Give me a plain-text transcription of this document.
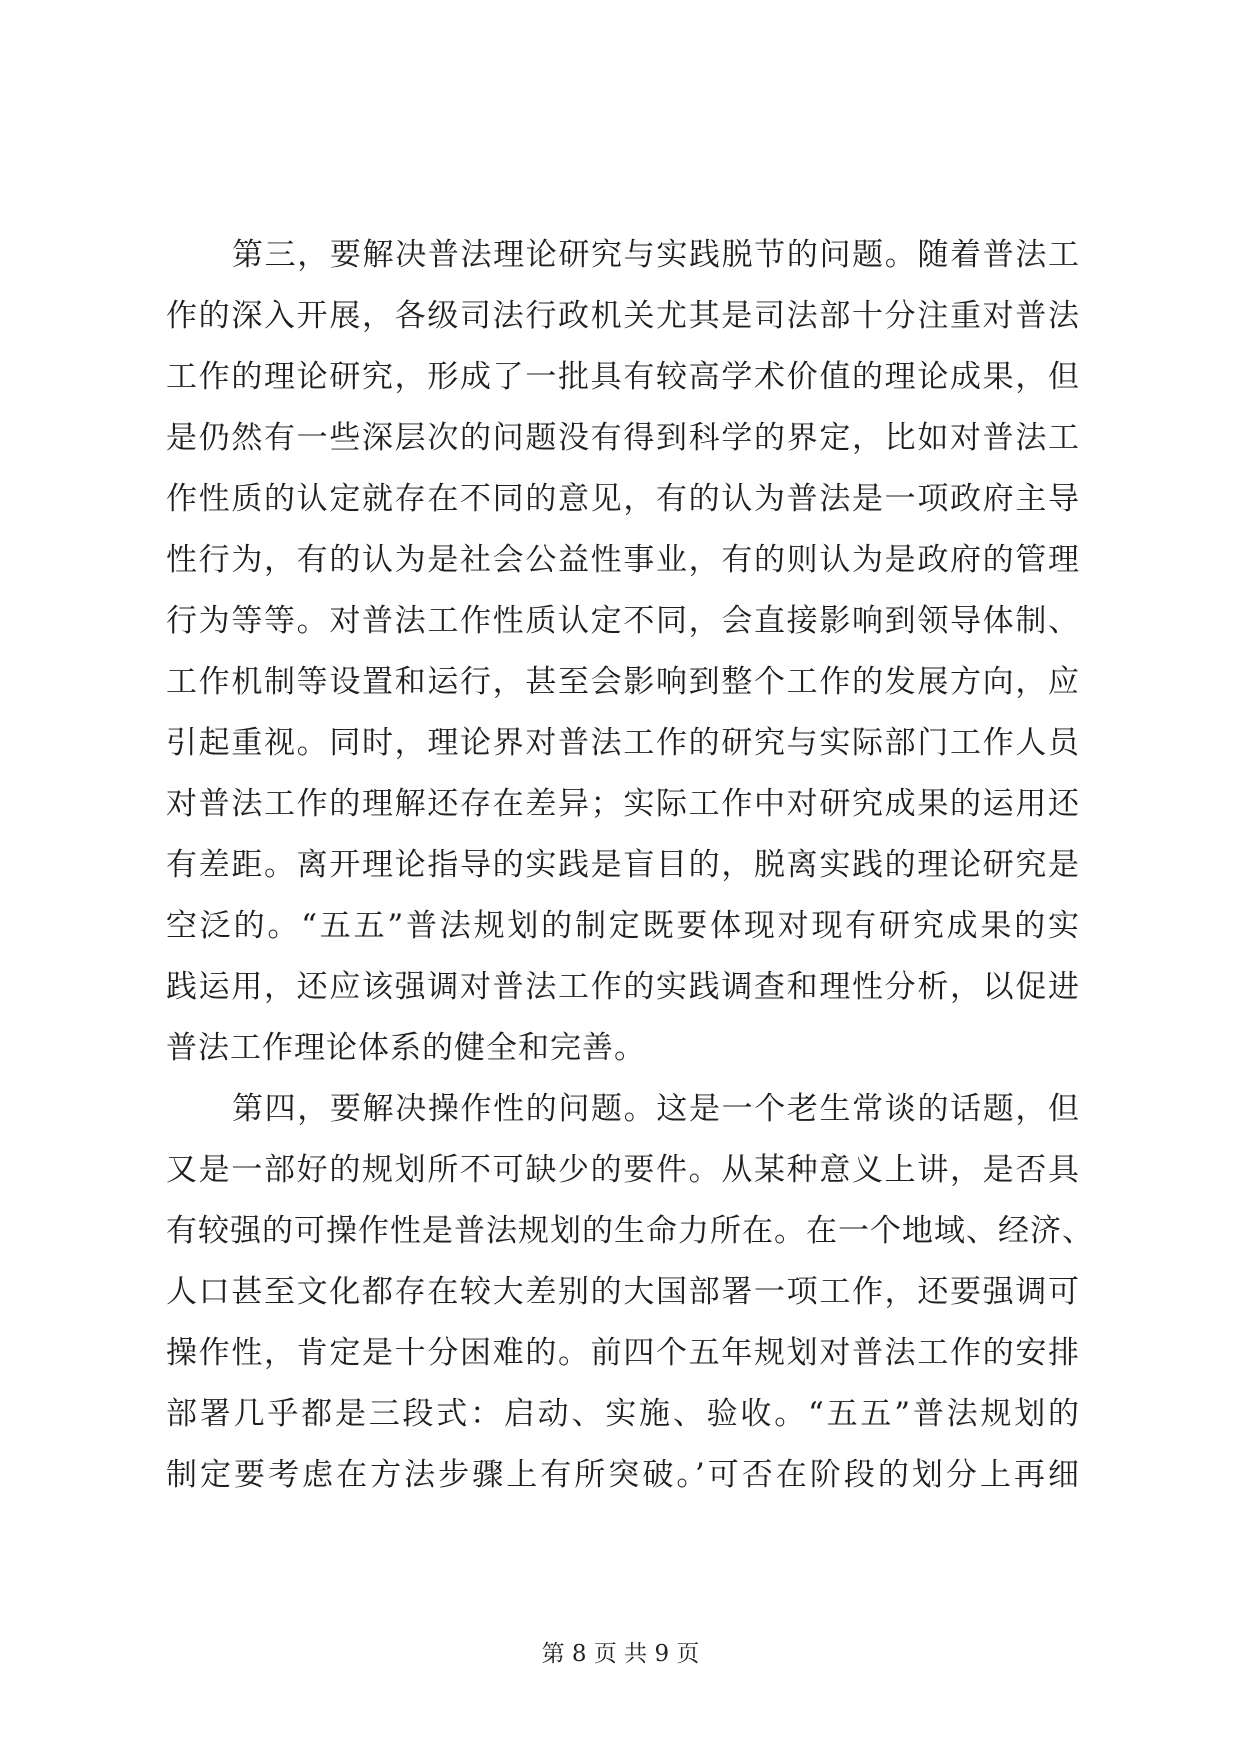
第三，要解决普法理论研究与实践脱节的问题。随着普法工
作的深入开展，各级司法行政机关尤其是司法部十分注重对普法
工作的理论研究，形成了一批具有较高学术价值的理论成果，但
是仍然有一些深层次的问题没有得到科学的界定，比如对普法工
作性质的认定就存在不同的意见，有的认为普法是一项政府主导
性行为，有的认为是社会公益性事业，有的则认为是政府的管理
行为等等。对普法工作性质认定不同，会直接影响到领导体制、
工作机制等设置和运行，甚至会影响到整个工作的发展方向，应
引起重视。同时，理论界对普法工作的研究与实际部门工作人员
对普法工作的理解还存在差异；实际工作中对研究成果的运用还
有差距。离开理论指导的实践是盲目的，脱离实践的理论研究是
空泛的。“五五”普法规划的制定既要体现对现有研究成果的实
践运用，还应该强调对普法工作的实践调查和理性分析，以促进
普法工作理论体系的健全和完善。
第四，要解决操作性的问题。这是一个老生常谈的话题，但
又是一部好的规划所不可缺少的要件。从某种意义上讲，是否具
有较强的可操作性是普法规划的生命力所在。在一个地域、经济、
人口甚至文化都存在较大差别的大国部署一项工作，还要强调可
操作性，肯定是十分困难的。前四个五年规划对普法工作的安排
部署几乎都是三段式：启动、实施、验收。“五五”普法规划的
制定要考虑在方法步骤上有所突破。’可否在阶段的划分上再细
第 8 页 共 9 页
